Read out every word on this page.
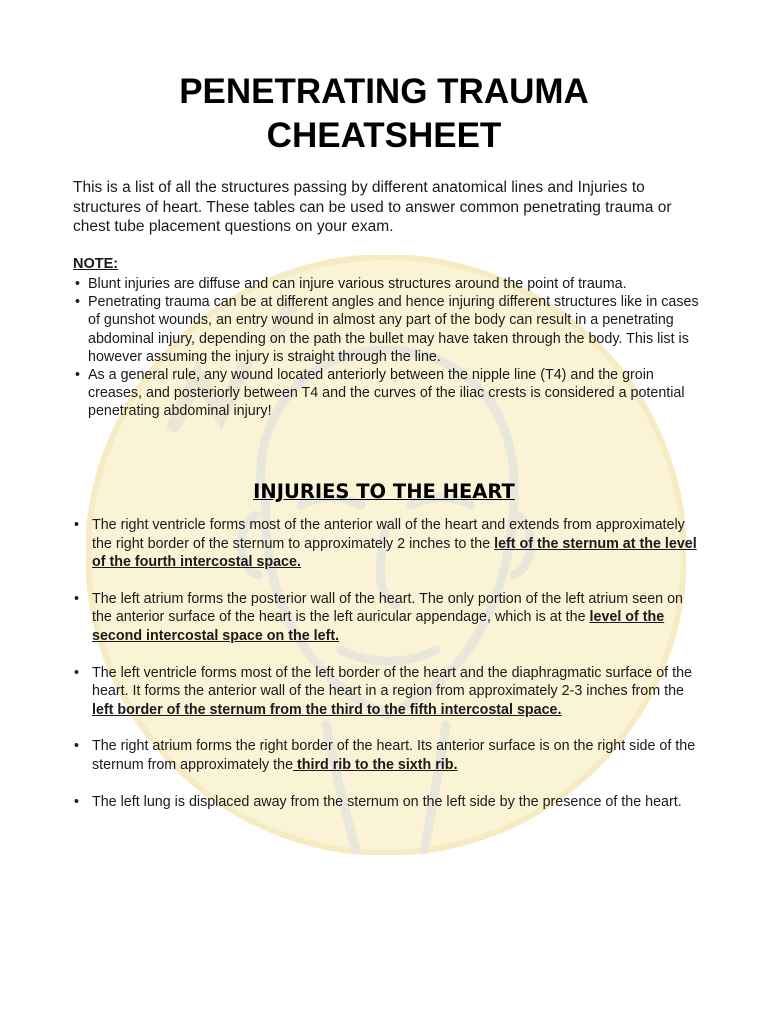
PENETRATING TRAUMA
CHEATSHEET

This is a list of all the structures passing by different anatomical lines and Injuries to structures of heart. These tables can be used to answer common penetrating trauma or chest tube placement questions on your exam.

NOTE:

• Blunt injuries are diffuse and can injure various structures around the point of trauma.
• Penetrating trauma can be at different angles and hence injuring different structures like in cases of gunshot wounds, an entry wound in almost any part of the body can result in a penetrating abdominal injury, depending on the path the bullet may have taken through the body. This list is however assuming the injury is straight through the line.
• As a general rule, any wound located anteriorly between the nipple line (T4) and the groin creases, and posteriorly between T4 and the curves of the iliac crests is considered a potential penetrating abdominal injury!
INJURIES TO THE HEART
• The right ventricle forms most of the anterior wall of the heart and extends from approximately the right border of the sternum to approximately 2 inches to the left of the sternum at the level of the fourth intercostal space.
• The left atrium forms the posterior wall of the heart. The only portion of the left atrium seen on the anterior surface of the heart is the left auricular appendage, which is at the level of the second intercostal space on the left.
• The left ventricle forms most of the left border of the heart and the diaphragmatic surface of the heart. It forms the anterior wall of the heart in a region from approximately 2-3 inches from the left border of the sternum from the third to the fifth intercostal space.
• The right atrium forms the right border of the heart. Its anterior surface is on the right side of the sternum from approximately the third rib to the sixth rib.
• The left lung is displaced away from the sternum on the left side by the presence of the heart.
